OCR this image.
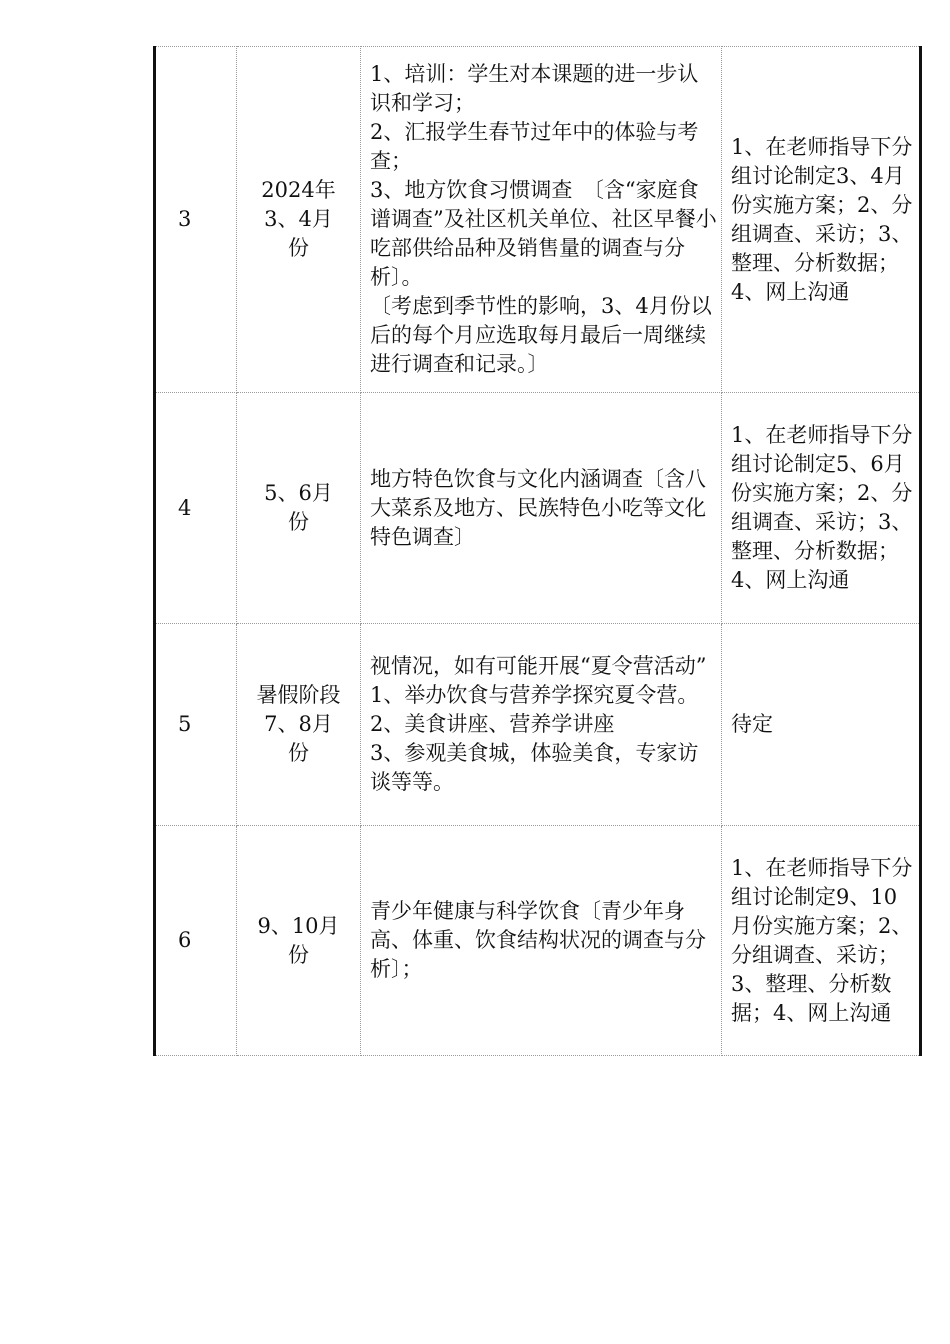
3	2024年
3、4月
份	1、培训：学生对本课题的进一步认识和学习；
2、汇报学生春节过年中的体验与考查；
3、地方饮食习惯调查　〔含“家庭食谱调查”及社区机关单位、社区早餐小吃部供给品种及销售量的调查与分析〕。
〔考虑到季节性的影响，3、4月份以后的每个月应选取每月最后一周继续进行调查和记录。〕	1、在老师指导下分组讨论制定3、4月份实施方案；2、分组调查、采访；3、整理、分析数据；4、网上沟通
4	5、6月
份	地方特色饮食与文化内涵调查〔含八大菜系及地方、民族特色小吃等文化特色调查〕	1、在老师指导下分组讨论制定5、6月份实施方案；2、分组调查、采访；3、整理、分析数据；4、网上沟通
5	暑假阶段
7、8月
份	视情况，如有可能开展“夏令营活动”
1、举办饮食与营养学探究夏令营。
2、美食讲座、营养学讲座
3、参观美食城，体验美食，专家访谈等等。	待定
6	9、10月
份	青少年健康与科学饮食〔青少年身高、体重、饮食结构状况的调查与分析〕；	1、在老师指导下分组讨论制定9、10月份实施方案；2、分组调查、采访；3、整理、分析数据；4、网上沟通
